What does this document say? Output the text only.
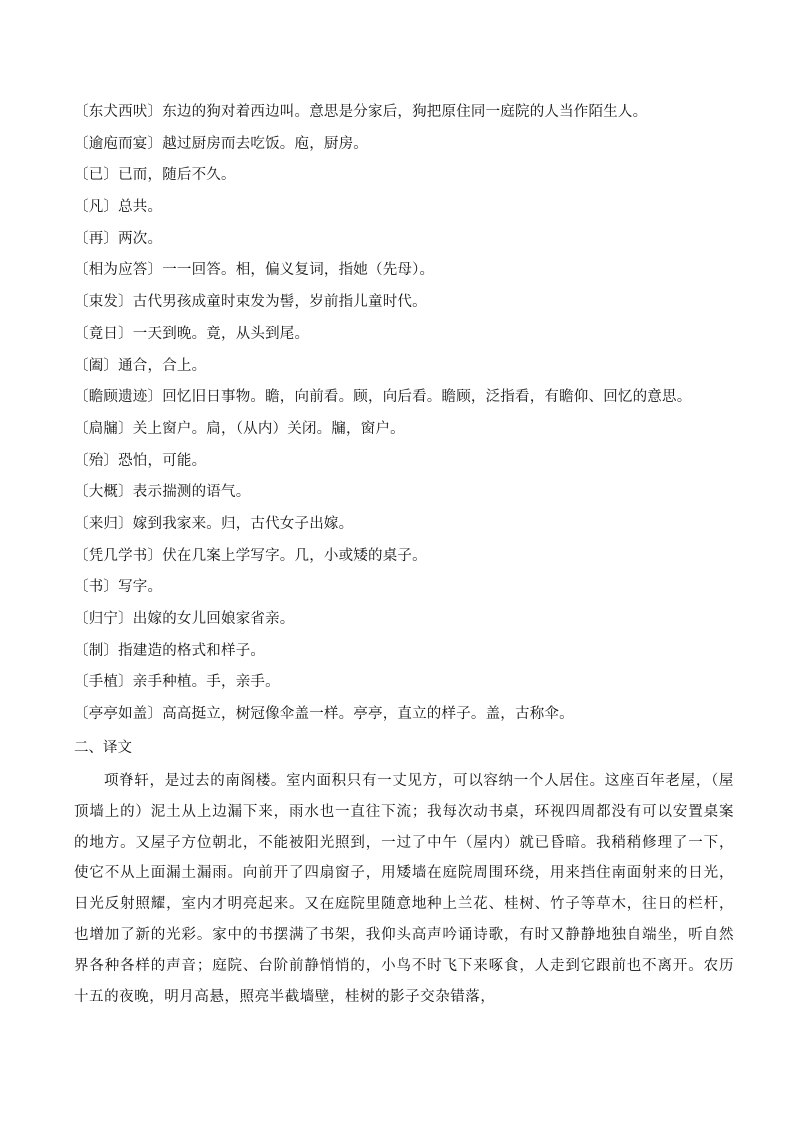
〔东犬西吠〕东边的狗对着西边叫。意思是分家后，狗把原住同一庭院的人当作陌生人。
〔逾庖而宴〕越过厨房而去吃饭。庖，厨房。
〔已〕已而，随后不久。
〔凡〕总共。
〔再〕两次。
〔相为应答〕一一回答。相，偏义复词，指她（先母）。
〔束发〕古代男孩成童时束发为髻，岁前指儿童时代。
〔竟日〕一天到晚。竟，从头到尾。
〔阖〕通合，合上。
〔瞻顾遗迹〕回忆旧日事物。瞻，向前看。顾，向后看。瞻顾，泛指看，有瞻仰、回忆的意思。
〔扃牖〕关上窗户。扃，（从内）关闭。牖，窗户。
〔殆〕恐怕，可能。
〔大概〕表示揣测的语气。
〔来归〕嫁到我家来。归，古代女子出嫁。
〔凭几学书〕伏在几案上学写字。几，小或矮的桌子。
〔书〕写字。
〔归宁〕出嫁的女儿回娘家省亲。
〔制〕指建造的格式和样子。
〔手植〕亲手种植。手，亲手。
〔亭亭如盖〕高高挺立，树冠像伞盖一样。亭亭，直立的样子。盖，古称伞。
二、译文

项脊轩，是过去的南阁楼。室内面积只有一丈见方，可以容纳一个人居住。这座百年老屋，（屋顶墙上的）泥土从上边漏下来，雨水也一直往下流；我每次动书桌，环视四周都没有可以安置桌案的地方。又屋子方位朝北，不能被阳光照到，一过了中午（屋内）就已昏暗。我稍稍修理了一下，使它不从上面漏土漏雨。向前开了四扇窗子，用矮墙在庭院周围环绕，用来挡住南面射来的日光，日光反射照耀，室内才明亮起来。又在庭院里随意地种上兰花、桂树、竹子等草木，往日的栏杆，也增加了新的光彩。家中的书摆满了书架，我仰头高声吟诵诗歌，有时又静静地独自端坐，听自然界各种各样的声音；庭院、台阶前静悄悄的，小鸟不时飞下来啄食，人走到它跟前也不离开。农历十五的夜晚，明月高悬，照亮半截墙壁，桂树的影子交杂错落，
